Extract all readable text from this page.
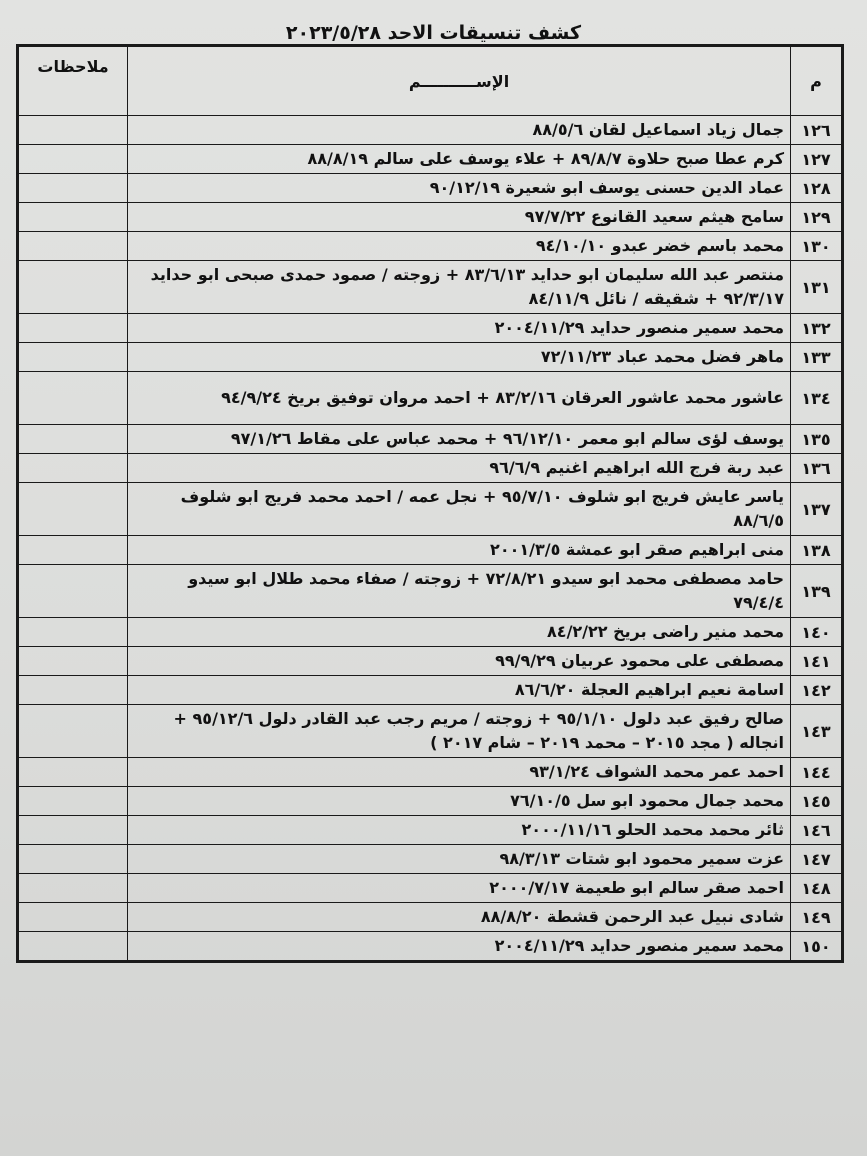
كشف تنسيقات الاحد ٢٠٢٣/٥/٢٨
م	الإســــــــــم	ملاحظات
١٢٦	جمال زياد اسماعيل لقان ٨٨/٥/٦	
١٢٧	كرم عطا صبح حلاوة ٨٩/٨/٧ + علاء يوسف على سالم ٨٨/٨/١٩	
١٢٨	عماد الدين حسنى يوسف ابو شعيرة ٩٠/١٢/١٩	
١٢٩	سامح هيثم سعيد القانوع ٩٧/٧/٢٢	
١٣٠	محمد باسم خضر عبدو ٩٤/١٠/١٠	
١٣١	منتصر عبد الله سليمان ابو حدايد ٨٣/٦/١٣ + زوجته / صمود حمدى صبحى ابو حدايد ٩٢/٣/١٧ + شقيقه / نائل ٨٤/١١/٩	
١٣٢	محمد سمير منصور حدايد ٢٠٠٤/١١/٢٩	
١٣٣	ماهر فضل محمد عباد ٧٢/١١/٢٣	
١٣٤	عاشور محمد عاشور العرقان ٨٣/٢/١٦ + احمد مروان توفيق بريخ ٩٤/٩/٢٤	
١٣٥	يوسف لؤى سالم ابو معمر ٩٦/١٢/١٠ + محمد عباس على مقاط ٩٧/١/٢٦	
١٣٦	عبد ربة فرج الله ابراهيم اغنيم ٩٦/٦/٩	
١٣٧	ياسر عايش فريج ابو شلوف ٩٥/٧/١٠ + نجل عمه / احمد محمد فريج ابو شلوف ٨٨/٦/٥	
١٣٨	منى ابراهيم صقر ابو عمشة ٢٠٠١/٣/٥	
١٣٩	حامد مصطفى محمد ابو سيدو ٧٢/٨/٢١ + زوجته / صفاء محمد طلال ابو سيدو ٧٩/٤/٤	
١٤٠	محمد منير راضى بريخ ٨٤/٢/٢٢	
١٤١	مصطفى على محمود عربيان ٩٩/٩/٢٩	
١٤٢	اسامة نعيم ابراهيم العجلة ٨٦/٦/٢٠	
١٤٣	صالح رفيق عبد دلول ٩٥/١/١٠ + زوجته / مريم رجب عبد القادر دلول ٩٥/١٢/٦ + انجاله ( مجد ٢٠١٥ – محمد ٢٠١٩ – شام ٢٠١٧ )	
١٤٤	احمد عمر محمد الشواف ٩٣/١/٢٤	
١٤٥	محمد جمال محمود ابو سل ٧٦/١٠/٥	
١٤٦	ثائر محمد محمد الحلو ٢٠٠٠/١١/١٦	
١٤٧	عزت سمير محمود ابو شتات ٩٨/٣/١٣	
١٤٨	احمد صقر سالم ابو طعيمة ٢٠٠٠/٧/١٧	
١٤٩	شادى نبيل عبد الرحمن قشطة ٨٨/٨/٢٠	
١٥٠	محمد سمير منصور حدايد ٢٠٠٤/١١/٢٩	
